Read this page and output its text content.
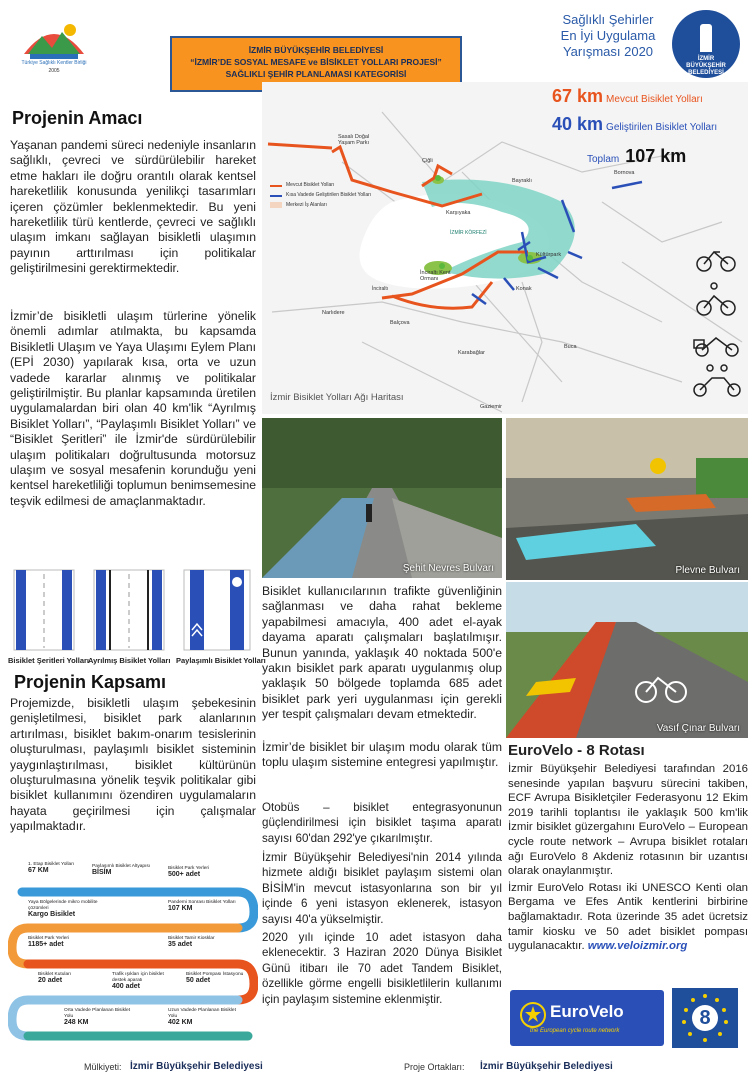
Türkiye Sağlıklı Kentler Birliği
2005
İZMİR BÜYÜKŞEHİR BELEDİYESİ
“İZMİR’DE SOSYAL MESAFE ve BİSİKLET YOLLARI PROJESİ”
SAĞLIKLI ŞEHİR PLANLAMASI KATEGORİSİ
Sağlıklı Şehirler
En İyi Uygulama
Yarışması 2020	İZMİR
BÜYÜKŞEHİR
BELEDİYESİ
Projenin Amacı
Yaşanan pandemi süreci nedeniyle insanların sağlıklı, çevreci ve sürdürülebilir hareket etme hakları ile doğru orantılı olarak kentsel hareketlilik konusunda yenilikçi tasarımları içeren çözümler beklenmektedir. Bu yeni hareketlilik türü kentlerde, çevreci ve sağlıklı ulaşım imkanı sağlayan bisikletli ulaşımın payının arttırılması için politikalar geliştirilmesini gerektirmektedir.
İzmir’de bisikletli ulaşım türlerine yönelik önemli adımlar atılmakta, bu kapsamda Bisikletli Ulaşım ve Yaya Ulaşımı Eylem Planı (EPİ 2030) yapılarak kısa, orta ve uzun vadede kararlar alınmış ve politikalar geliştirilmiştir. Bu planlar kapsamında üretilen uygulamalardan biri olan 40 km'lik “Ayrılmış Bisiklet Yolları”, “Paylaşımlı Bisiklet Yolları” ve “Bisiklet Şeritleri” ile İzmir'de sürdürülebilir ulaşım politikaları doğrultusunda motorsuz ulaşım ve sosyal mesafenin korunduğu yeni kentsel hareketliliği toplumun benimsemesine teşvik edilmesi de amaçlanmaktadır.
Mevcut Bisiklet Yolları
Kısa Vadede Geliştirilen Bisiklet Yolları
Merkezi İş Alanları
Sasalı Doğal Yaşam Parkı
Çiğli
Bayraklı
Karşıyaka
Bornova
İZMİR KÖRFEZİ
Kültürpark
İnciraltı Kent Ormanı
İnciraltı	Konak
Narlıdere
Balçova
Buca
Karabağlar
Gaziemir
67 km Mevcut Bisiklet Yolları
40 km Geliştirilen Bisiklet Yolları
Toplam 107 km
İzmir Bisiklet Yolları Ağı Haritası
Şehit Nevres Bulvarı	Plevne Bulvarı
Vasıf Çınar Bulvarı
Bisiklet Şeritleri Yolları
Ayrılmış Bisiklet Yolları Paylaşımlı Bisiklet Yolları
Projenin Kapsamı
Projemizde, bisikletli ulaşım şebekesinin genişletilmesi, bisiklet park alanlarının artırılması, bisiklet bakım-onarım tesislerinin oluşturulması, paylaşımlı bisiklet sisteminin yaygınlaştırılması, bisiklet kültürünün oluşturulmasına yönelik teşvik politikalar gibi bisiklet kullanımını özendiren uygulamaların hayata geçirilmesi için çalışmalar yapılmaktadır.
1. Etap Bisiklet Yolları
67 KM
Paylaşımlı Bisiklet Altyapısı
BİSİM
Bisiklet Park Yerleri
500+ adet
Yaya Bölgelerinde mikro mobilite çözümleri
Kargo Bisiklet
Pandemi Sonrası Bisiklet Yolları
107 KM
Bisiklet Park Yerleri
1185+ adet
Bisiklet Tamir Kiosklar
35 adet
Bisiklet Kutuları
20 adet
Trafik ışıkları için bisiklet destek aparatı
400 adet
Bisiklet Pompası İstasyonu
50 adet
Orta Vadede Planlanan Bisiklet Yolu
248 KM
Uzun Vadede Planlanan Bisiklet Yolu
402 KM
Bisiklet kullanıcılarının trafikte güvenliğinin sağlanması ve daha rahat bekleme yapabilmesi amacıyla, 400 adet el-ayak dayama aparatı çalışmaları başlatılmışır. Bunun yanında, yaklaşık 40 noktada 500'e yakın bisiklet park aparatı uygulanmış olup yaklaşık 50 bölgede toplamda 685 adet bisiklet park yeri uygulanması için gerekli yer tespit çalışmaları devam etmektedir.
İzmir’de bisiklet bir ulaşım modu olarak tüm toplu ulaşım sistemine entegresi yapılmıştır.
Otobüs – bisiklet entegrasyonunun güçlendirilmesi için bisiklet taşıma aparatı sayısı 60'dan 292'ye çıkarılmıştır.
İzmir Büyükşehir Belediyesi'nin 2014 yılında hizmete aldığı bisiklet paylaşım sistemi olan BİSİM'in mevcut istasyonlarına son bir yıl içinde 6 yeni istasyon eklenerek, istasyon sayısı 40'a yükselmiştir.
2020 yılı içinde 10 adet istasyon daha eklenecektir. 3 Haziran 2020 Dünya Bisiklet Günü itibarı ile 70 adet Tandem Bisiklet, özellikle görme engelli bisikletlilerin kullanımı için paylaşım sistemine eklenmiştir.
EuroVelo - 8 Rotası
İzmir Büyükşehir Belediyesi tarafından 2016 senesinde yapılan başvuru sürecini takiben, ECF Avrupa Bisikletçiler Federasyonu 12 Ekim 2019 tarihli toplantısı ile yaklaşık 500 km'lik İzmir bisiklet güzergahını EuroVelo – European cycle route network – Avrupa bisiklet rotaları ağı EuroVelo 8 Akdeniz rotasının bir uzantısı olarak onaylanmıştır.
İzmir EuroVelo Rotası iki UNESCO Kenti olan Bergama ve Efes Antik kentlerini birbirine bağlamaktadır. Rota üzerinde 35 adet ücretsiz tamir kiosku ve 50 adet bisiklet pompası uygulanacaktır. www.veloizmir.org
EuroVelo
the European cycle route network
8
Mülkiyeti: İzmir Büyükşehir Belediyesi	Proje Ortakları: İzmir Büyükşehir Belediyesi
